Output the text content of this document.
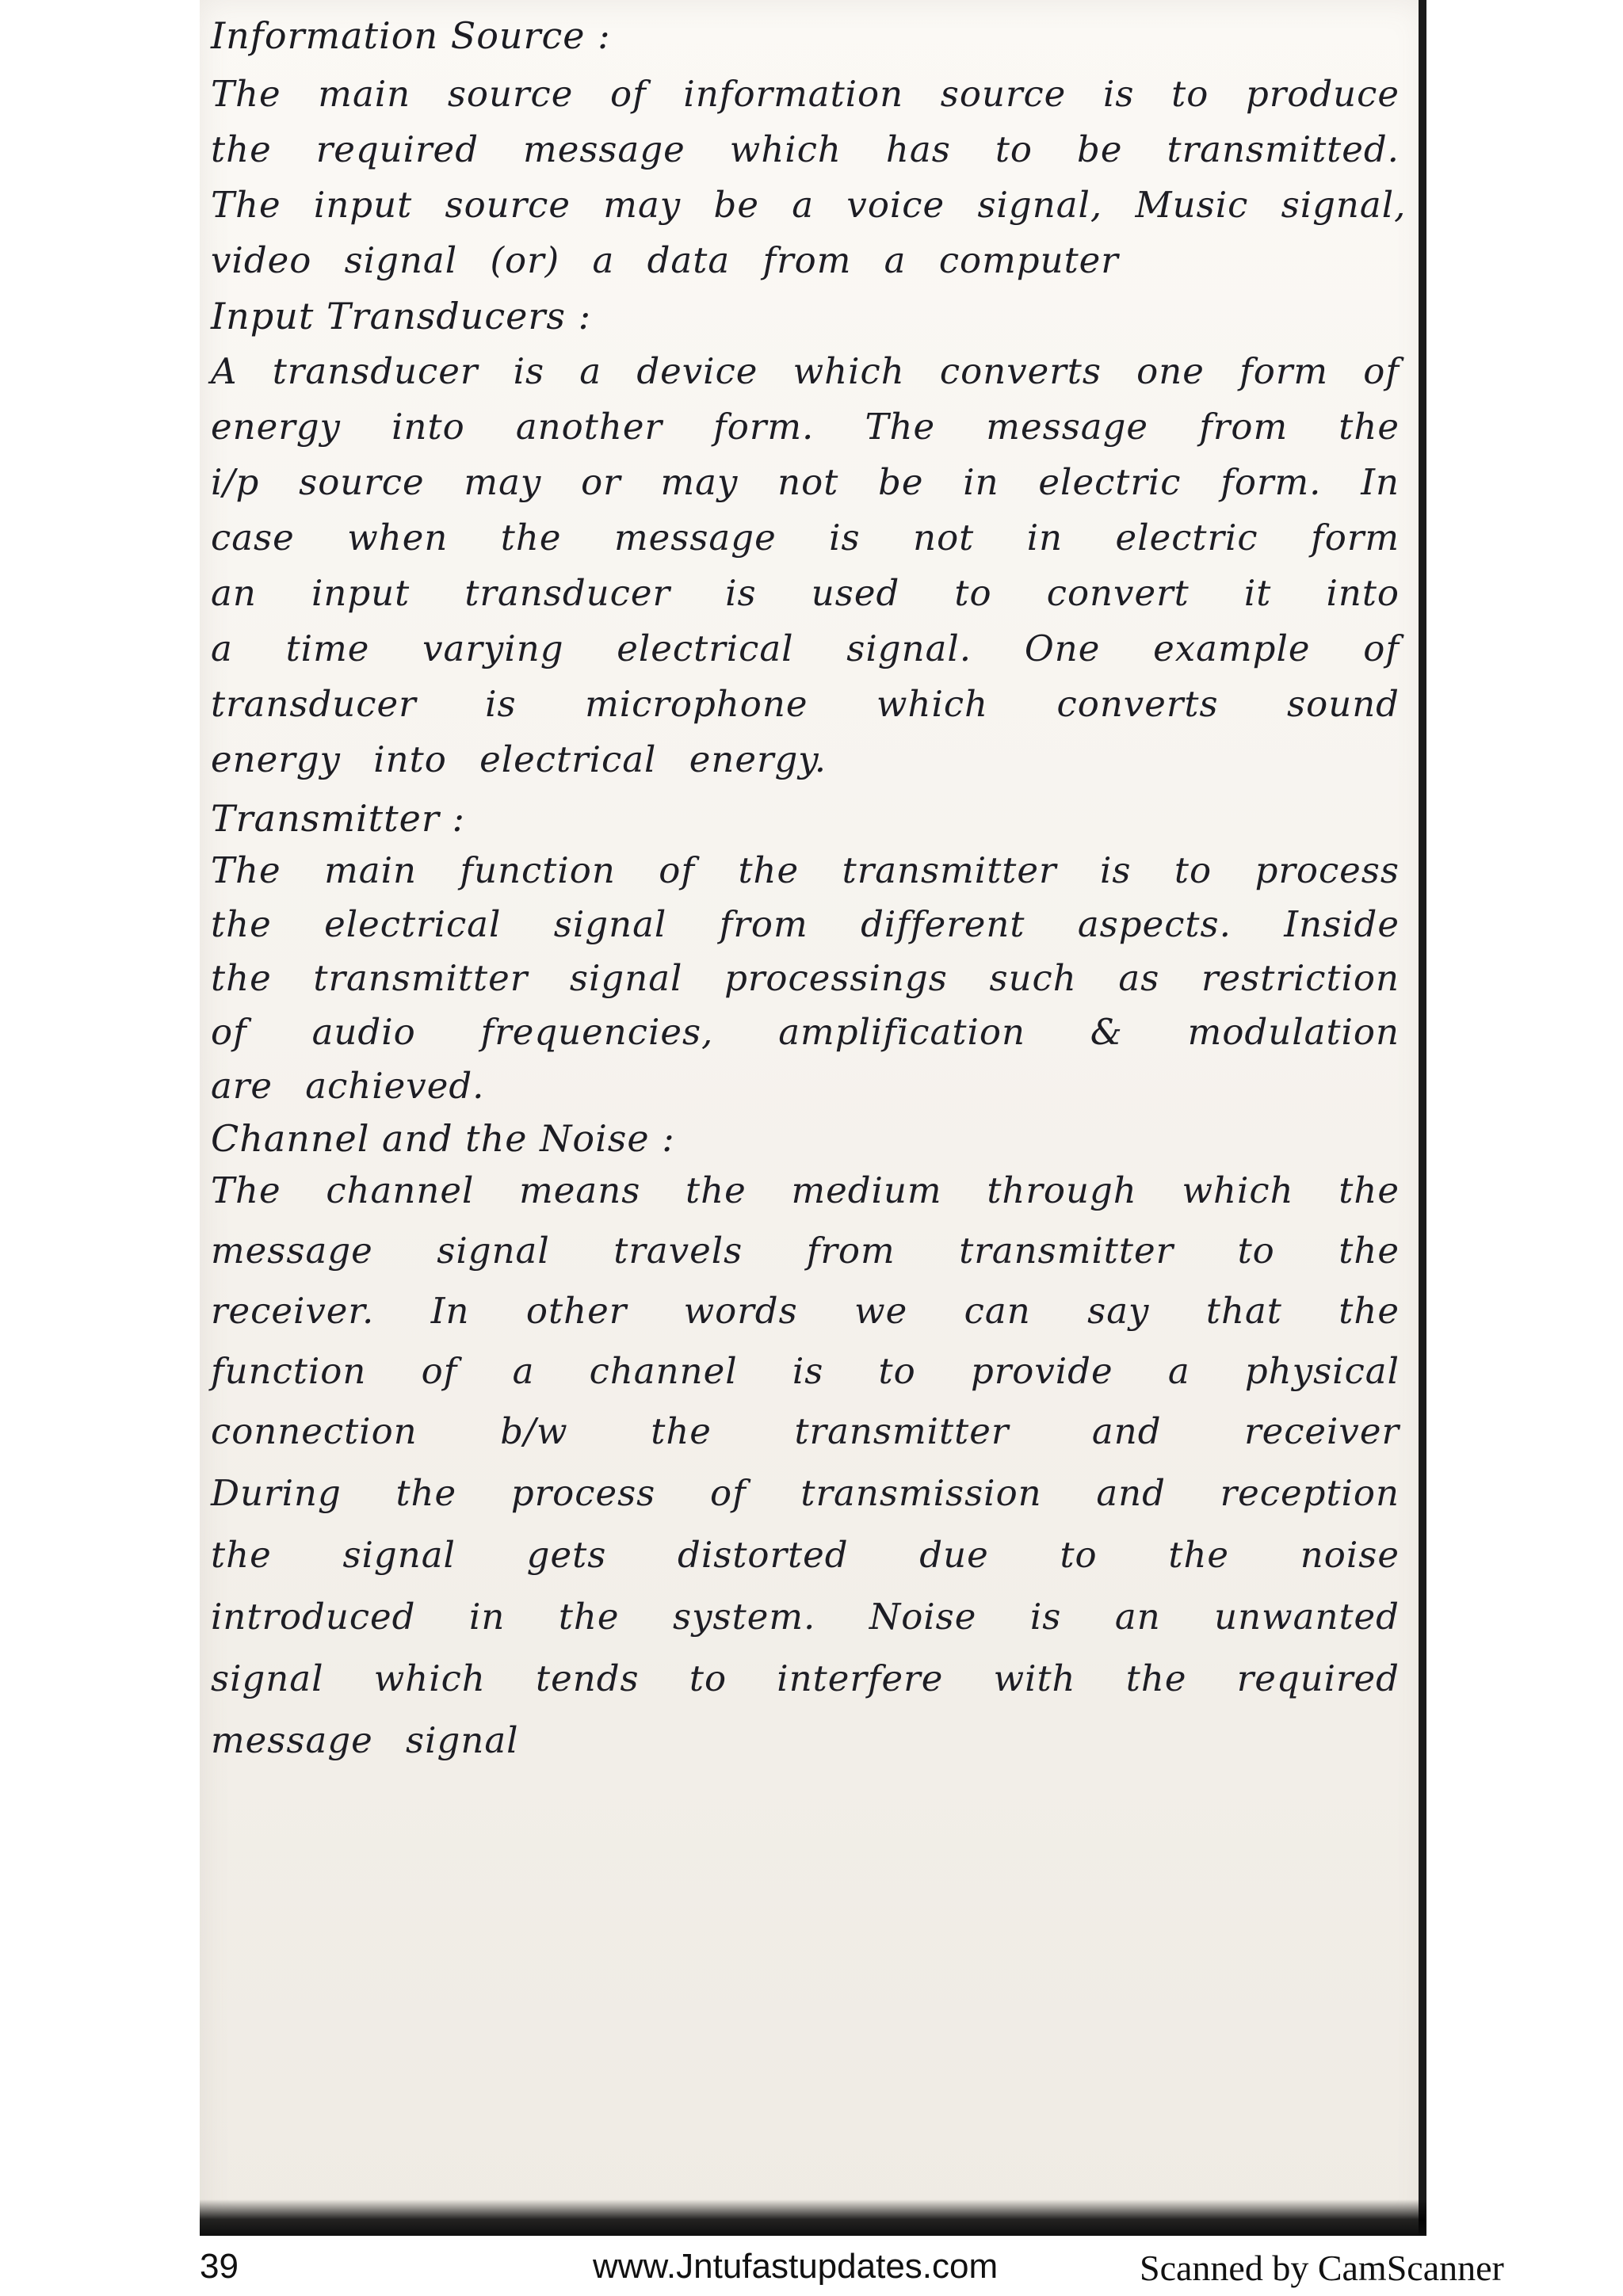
Information Source :
The main source of information source is to produce
the required message which has to be transmitted.
The input source may be a voice signal, Music signal,
video signal (or) a data from a computer
Input Transducers :
A transducer is a device which converts one form of
energy into another form. The message from the
i/p source may or may not be in electric form. In
case when the message is not in electric form
an input transducer is used to convert it into
a time varying electrical signal. One example of
transducer is microphone which converts sound
energy into electrical energy.
Transmitter :
The main function of the transmitter is to process
the electrical signal from different aspects. Inside
the transmitter signal processings such as restriction
of audio frequencies, amplification & modulation
are achieved.
Channel and the Noise :
The channel means the medium through which the
message signal travels from transmitter to the
receiver. In other words we can say that the
function of a channel is to provide a physical
connection b/w the transmitter and receiver
During the process of transmission and reception
the signal gets distorted due to the noise
introduced in the system. Noise is an unwanted
signal which tends to interfere with the required
message signal
39	www.Jntufastupdates.com	Scanned by CamScanner
